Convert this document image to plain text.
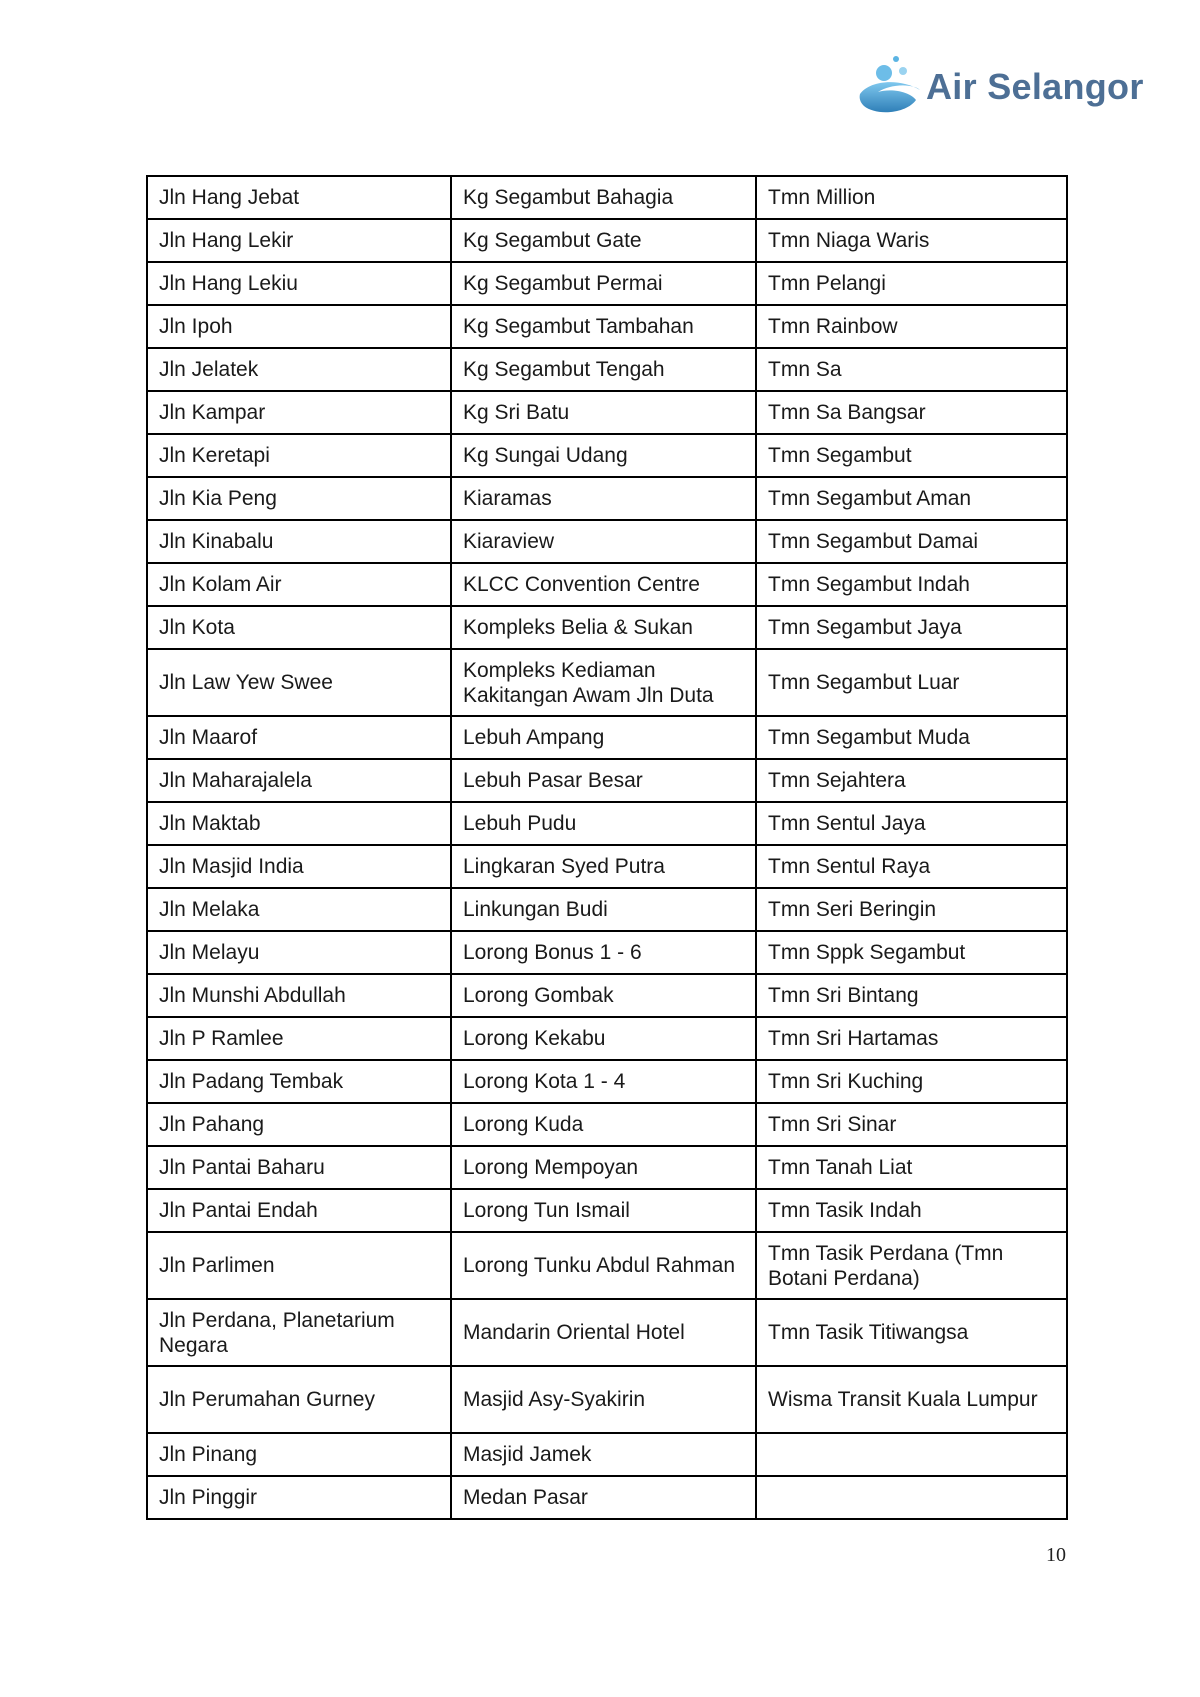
Air Selangor
Jln Hang Jebat	Kg Segambut Bahagia	Tmn Million
Jln Hang Lekir	Kg Segambut Gate	Tmn Niaga Waris
Jln Hang Lekiu	Kg Segambut Permai	Tmn Pelangi
Jln Ipoh	Kg Segambut Tambahan	Tmn Rainbow
Jln Jelatek	Kg Segambut Tengah	Tmn Sa
Jln Kampar	Kg Sri Batu	Tmn Sa Bangsar
Jln Keretapi	Kg Sungai Udang	Tmn Segambut
Jln Kia Peng	Kiaramas	Tmn Segambut Aman
Jln Kinabalu	Kiaraview	Tmn Segambut Damai
Jln Kolam Air	KLCC Convention Centre	Tmn Segambut Indah
Jln Kota	Kompleks Belia & Sukan	Tmn Segambut Jaya
Jln Law Yew Swee	Kompleks Kediaman Kakitangan Awam Jln Duta	Tmn Segambut Luar
Jln Maarof	Lebuh Ampang	Tmn Segambut Muda
Jln Maharajalela	Lebuh Pasar Besar	Tmn Sejahtera
Jln Maktab	Lebuh Pudu	Tmn Sentul Jaya
Jln Masjid India	Lingkaran Syed Putra	Tmn Sentul Raya
Jln Melaka	Linkungan Budi	Tmn Seri Beringin
Jln Melayu	Lorong Bonus 1 - 6	Tmn Sppk Segambut
Jln Munshi Abdullah	Lorong Gombak	Tmn Sri Bintang
Jln P Ramlee	Lorong Kekabu	Tmn Sri Hartamas
Jln Padang Tembak	Lorong Kota 1 - 4	Tmn Sri Kuching
Jln Pahang	Lorong Kuda	Tmn Sri Sinar
Jln Pantai Baharu	Lorong Mempoyan	Tmn Tanah Liat
Jln Pantai Endah	Lorong Tun Ismail	Tmn Tasik Indah
Jln Parlimen	Lorong Tunku Abdul Rahman	Tmn Tasik Perdana (Tmn Botani Perdana)
Jln Perdana, Planetarium Negara	Mandarin Oriental Hotel	Tmn Tasik Titiwangsa
Jln Perumahan Gurney	Masjid Asy-Syakirin	Wisma Transit Kuala Lumpur
Jln Pinang	Masjid Jamek	
Jln Pinggir	Medan Pasar	
10
